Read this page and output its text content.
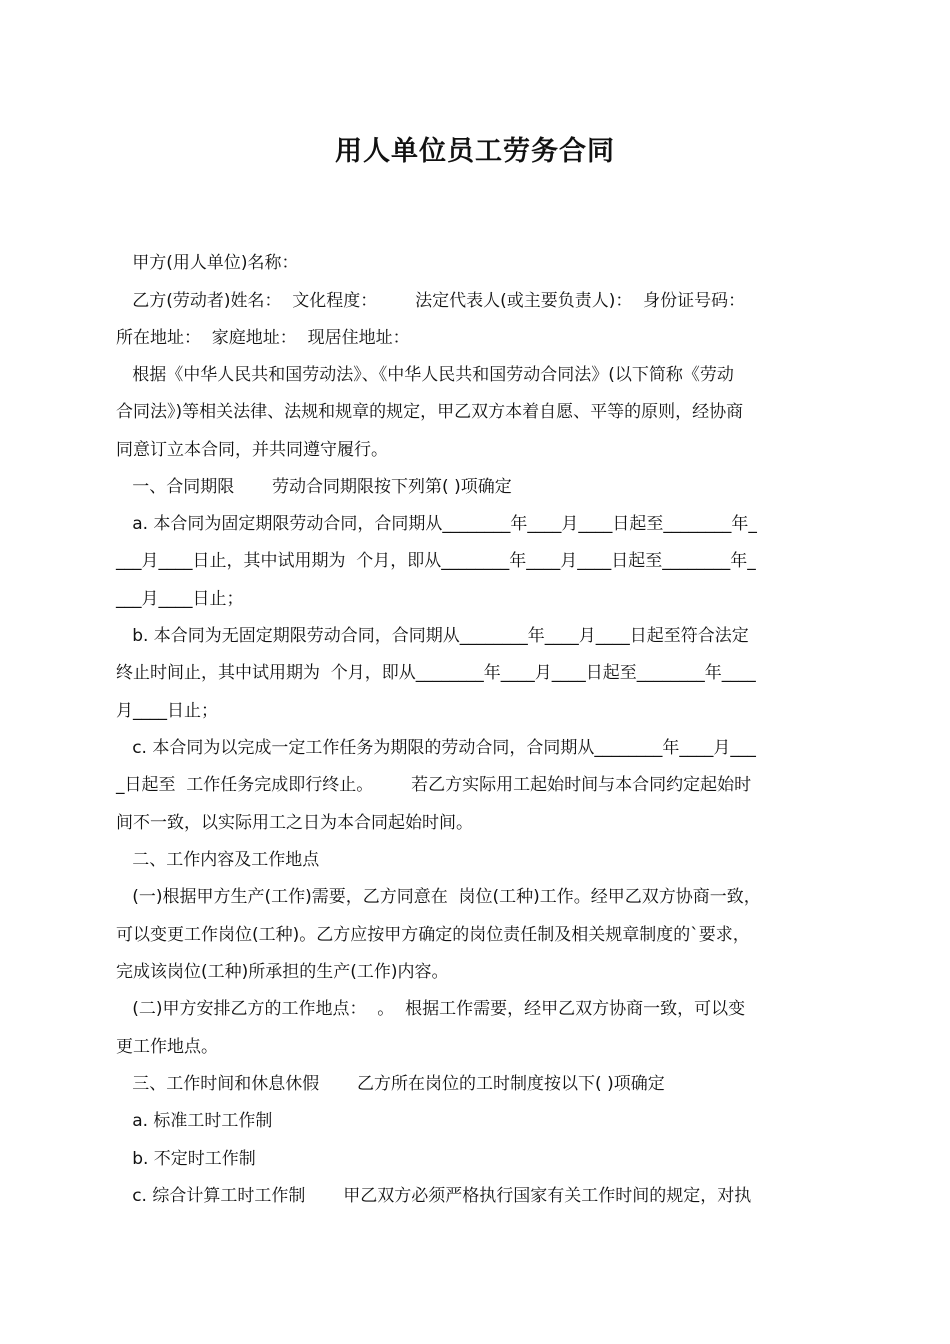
用人单位员工劳务合同
甲方(用人单位)名称：
乙方(劳动者)姓名：  文化程度：       法定代表人(或主要负责人)：  身份证号码：
所在地址：  家庭地址：  现居住地址：
根据《中华人民共和国劳动法》、《中华人民共和国劳动合同法》(以下简称《劳动
合同法》)等相关法律、法规和规章的规定，甲乙双方本着自愿、平等的原则，经协商
同意订立本合同，并共同遵守履行。
一、合同期限       劳动合同期限按下列第( )项确定
a. 本合同为固定期限劳动合同，合同期从________年____月____日起至________年_
___月____日止，其中试用期为  个月，即从________年____月____日起至________年_
___月____日止；
b. 本合同为无固定期限劳动合同，合同期从________年____月____日起至符合法定
终止时间止，其中试用期为  个月，即从________年____月____日起至________年____
月____日止；
c. 本合同为以完成一定工作任务为期限的劳动合同，合同期从________年____月___
_日起至  工作任务完成即行终止。       若乙方实际用工起始时间与本合同约定起始时
间不一致，以实际用工之日为本合同起始时间。
二、工作内容及工作地点
(一)根据甲方生产(工作)需要，乙方同意在  岗位(工种)工作。经甲乙双方协商一致，
可以变更工作岗位(工种)。乙方应按甲方确定的岗位责任制及相关规章制度的`要求，
完成该岗位(工种)所承担的生产(工作)内容。
(二)甲方安排乙方的工作地点：  。  根据工作需要，经甲乙双方协商一致，可以变
更工作地点。
三、工作时间和休息休假       乙方所在岗位的工时制度按以下( )项确定
a. 标准工时工作制
b. 不定时工作制
c. 综合计算工时工作制       甲乙双方必须严格执行国家有关工作时间的规定，对执
